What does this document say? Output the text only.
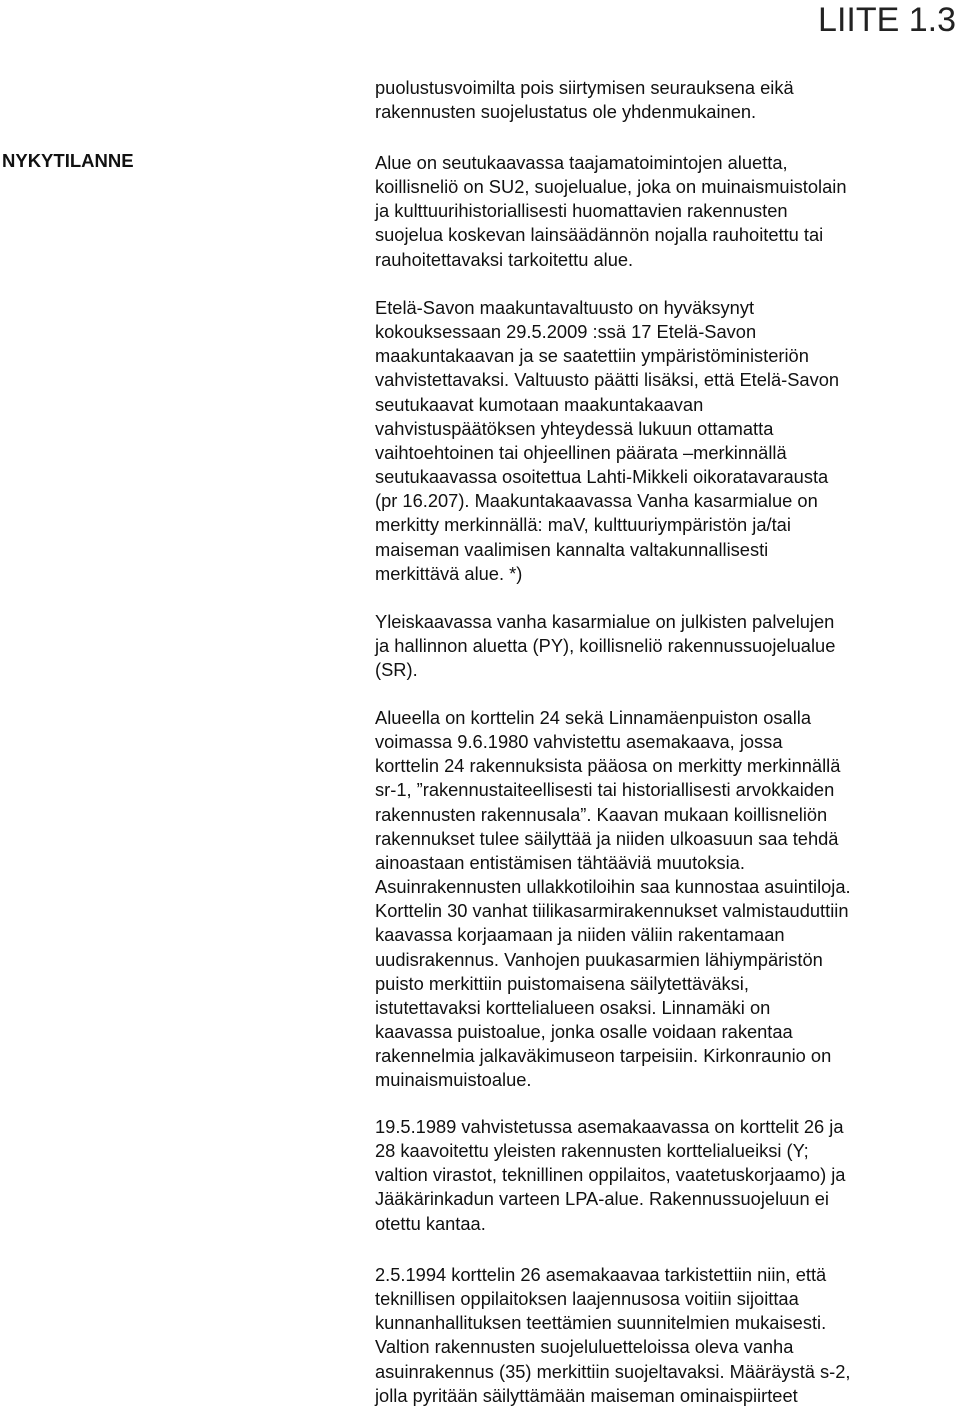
LIITE 1.3
NYKYTILANNE

puolustusvoimilta pois siirtymisen seurauksena eikä
rakennusten suojelustatus ole yhdenmukainen.

Alue on seutukaavassa taajamatoimintojen aluetta,
koillisneliö on SU2, suojelualue, joka on muinaismuistolain
ja kulttuurihistoriallisesti huomattavien rakennusten
suojelua koskevan lainsäädännön nojalla rauhoitettu tai
rauhoitettavaksi tarkoitettu alue.

Etelä-Savon maakuntavaltuusto on hyväksynyt
kokouksessaan 29.5.2009 :ssä 17 Etelä-Savon
maakuntakaavan ja se saatettiin ympäristöministeriön
vahvistettavaksi. Valtuusto päätti lisäksi, että Etelä-Savon
seutukaavat kumotaan maakuntakaavan
vahvistuspäätöksen yhteydessä lukuun ottamatta
vaihtoehtoinen tai ohjeellinen päärata –merkinnällä
seutukaavassa osoitettua Lahti-Mikkeli oikoratavarausta
(pr 16.207). Maakuntakaavassa Vanha kasarmialue on
merkitty merkinnällä: maV, kulttuuriympäristön ja/tai
maiseman vaalimisen kannalta valtakunnallisesti
merkittävä alue. *)

Yleiskaavassa vanha kasarmialue on julkisten palvelujen
ja hallinnon aluetta (PY), koillisneliö rakennussuojelualue
(SR).

Alueella on korttelin 24 sekä Linnamäenpuiston osalla
voimassa 9.6.1980 vahvistettu asemakaava, jossa
korttelin 24 rakennuksista pääosa on merkitty merkinnällä
sr-1, ”rakennustaiteellisesti tai historiallisesti arvokkaiden
rakennusten rakennusala”. Kaavan mukaan koillisneliön
rakennukset tulee säilyttää ja niiden ulkoasuun saa tehdä
ainoastaan entistämisen tähtääviä muutoksia.
Asuinrakennusten ullakkotiloihin saa kunnostaa asuintiloja.
Korttelin 30 vanhat tiilikasarmirakennukset valmistauduttiin
kaavassa korjaamaan ja niiden väliin rakentamaan
uudisrakennus. Vanhojen puukasarmien lähiympäristön
puisto merkittiin puistomaisena säilytettäväksi,
istutettavaksi korttelialueen osaksi. Linnamäki on
kaavassa puistoalue, jonka osalle voidaan rakentaa
rakennelmia jalkaväkimuseon tarpeisiin. Kirkonraunio on
muinaismuistoalue.

19.5.1989 vahvistetussa asemakaavassa on korttelit 26 ja
28 kaavoitettu yleisten rakennusten korttelialueiksi (Y;
valtion virastot, teknillinen oppilaitos, vaatetuskorjaamo) ja
Jääkärinkadun varteen LPA-alue. Rakennussuojeluun ei
otettu kantaa.

2.5.1994 korttelin 26 asemakaavaa tarkistettiin niin, että
teknillisen oppilaitoksen laajennusosa voitiin sijoittaa
kunnanhallituksen teettämien suunnitelmien mukaisesti.
Valtion rakennusten suojeluluetteloissa oleva vanha
asuinrakennus (35) merkittiin suojeltavaksi. Määräystä s-2,
jolla pyritään säilyttämään maiseman ominaispiirteet
